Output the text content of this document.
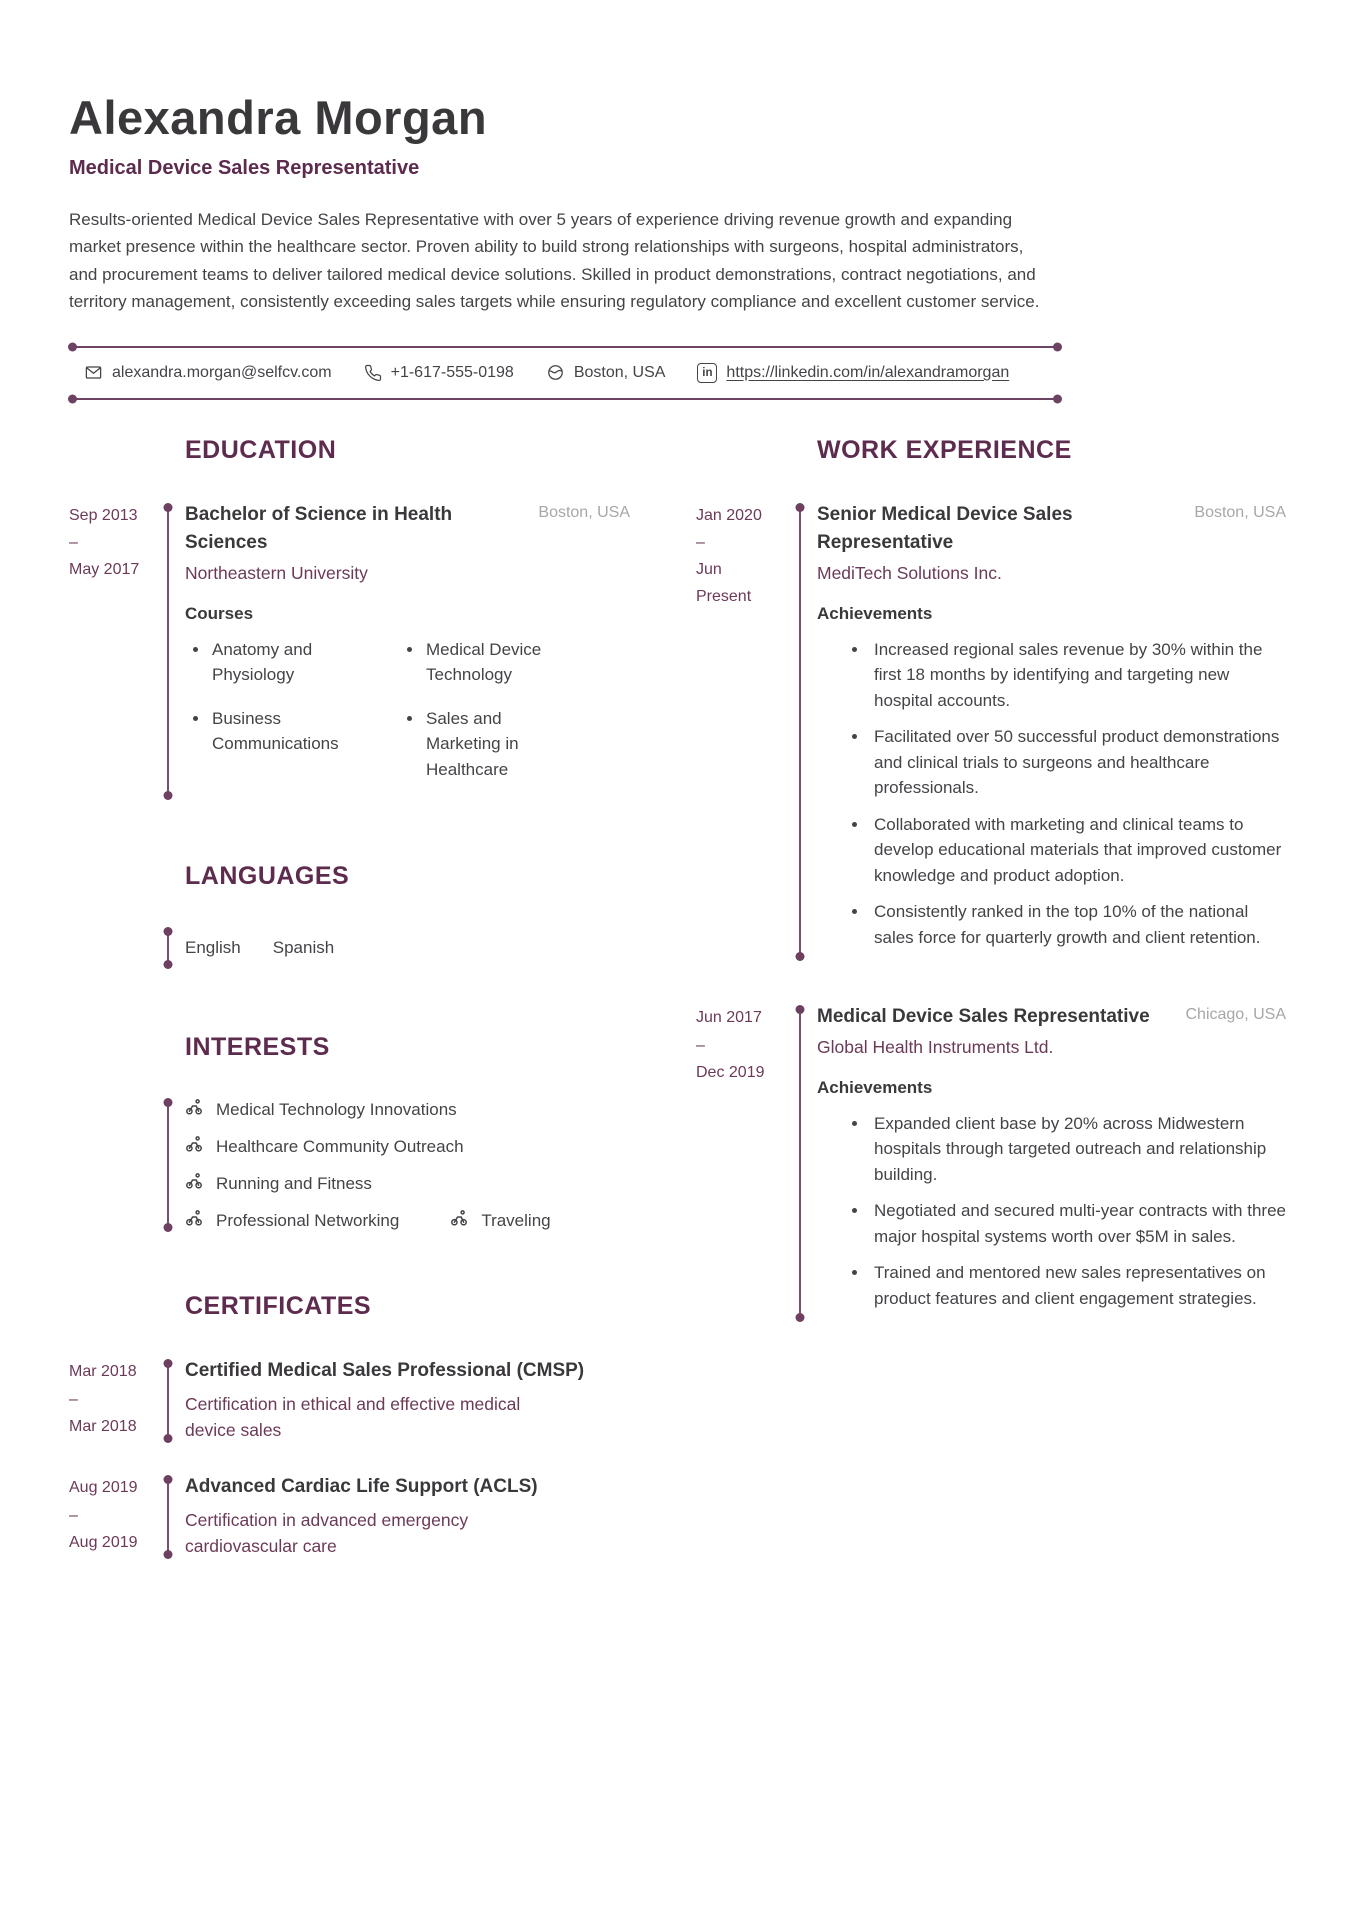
Alexandra Morgan
Medical Device Sales Representative

Results-oriented Medical Device Sales Representative with over 5 years of experience driving revenue growth and expanding market presence within the healthcare sector. Proven ability to build strong relationships with surgeons, hospital administrators, and procurement teams to deliver tailored medical device solutions. Skilled in product demonstrations, contract negotiations, and territory management, consistently exceeding sales targets while ensuring regulatory compliance and excellent customer service.

alexandra.morgan@selfcv.com	+1-617-555-0198	Boston, USA	in https://linkedin.com/in/alexandramorgan
EDUCATION
Sep 2013
–
May 2017
Bachelor of Science in Health Sciences
Boston, USA
Northeastern University
Courses
Anatomy and Physiology
Business Communications
Medical Device Technology
Sales and Marketing in Healthcare
LANGUAGES
English Spanish
INTERESTS
Medical Technology Innovations
Healthcare Community Outreach
Running and Fitness
Professional Networking	Traveling
CERTIFICATES
Mar 2018
–
Mar 2018
Certified Medical Sales Professional (CMSP)
Certification in ethical and effective medical device sales
Aug 2019
–
Aug 2019
Advanced Cardiac Life Support (ACLS)
Certification in advanced emergency cardiovascular care
WORK EXPERIENCE
Jan 2020
–
Jun
Present
Senior Medical Device Sales Representative
Boston, USA
MediTech Solutions Inc.
Achievements
Increased regional sales revenue by 30% within the first 18 months by identifying and targeting new hospital accounts.
Facilitated over 50 successful product demonstrations and clinical trials to surgeons and healthcare professionals.
Collaborated with marketing and clinical teams to develop educational materials that improved customer knowledge and product adoption.
Consistently ranked in the top 10% of the national sales force for quarterly growth and client retention.
Jun 2017
–
Dec 2019
Medical Device Sales Representative Chicago, USA
Global Health Instruments Ltd.
Achievements
Expanded client base by 20% across Midwestern hospitals through targeted outreach and relationship building.
Negotiated and secured multi-year contracts with three major hospital systems worth over $5M in sales.
Trained and mentored new sales representatives on product features and client engagement strategies.
